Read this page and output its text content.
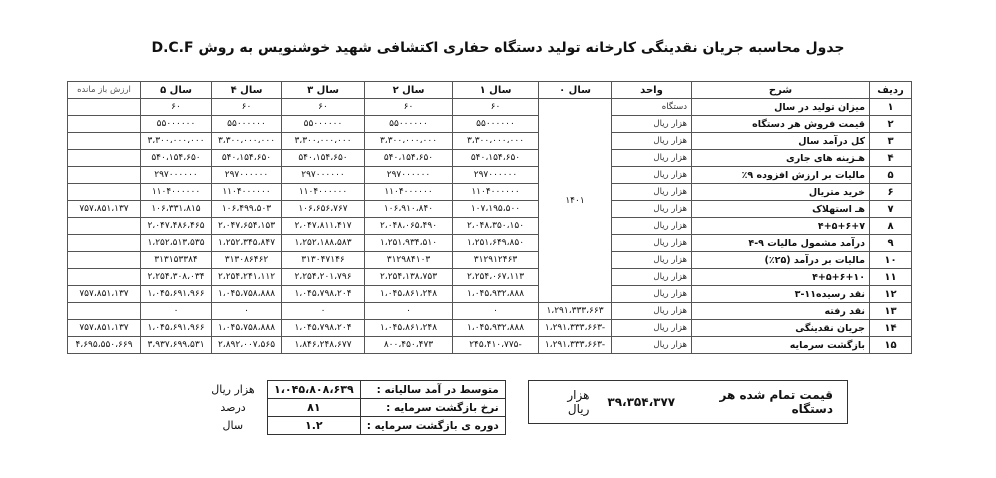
جدول محاسبه جریان نقدینگی کارخانه تولید دستگاه حفاری اکتشافی شهید خوشنویس به روش D.C.F
ردیف	شرح	واحد	سال ۰	سال ۱	سال ۲	سال ۳	سال ۴	سال ۵	ارزش باز مانده
۱	میزان تولید در سال	دستگاه	۱۴۰۱	۶۰	۶۰	۶۰	۶۰	۶۰	
۲	قیمت فروش هر دستگاه	هزار ریال		۵۵۰۰۰۰۰۰	۵۵۰۰۰۰۰۰	۵۵۰۰۰۰۰۰	۵۵۰۰۰۰۰۰	۵۵۰۰۰۰۰۰	
۳	کل درآمد سال	هزار ریال		۳،۳۰۰،۰۰۰،۰۰۰	۳،۳۰۰،۰۰۰،۰۰۰	۳،۳۰۰،۰۰۰،۰۰۰	۳،۳۰۰،۰۰۰،۰۰۰	۳،۳۰۰،۰۰۰،۰۰۰	
۴	هـزینه های جاری	هزار ریال		۵۴۰،۱۵۴،۶۵۰	۵۴۰،۱۵۴،۶۵۰	۵۴۰،۱۵۴،۶۵۰	۵۴۰،۱۵۴،۶۵۰	۵۴۰،۱۵۴،۶۵۰	
۵	مالیات بر ارزش افزوده ۹٪	هزار ریال		۲۹۷۰۰۰۰۰۰	۲۹۷۰۰۰۰۰۰	۲۹۷۰۰۰۰۰۰	۲۹۷۰۰۰۰۰۰	۲۹۷۰۰۰۰۰۰	
۶	خرید متریال	هزار ریال		۱۱۰۴۰۰۰۰۰۰	۱۱۰۴۰۰۰۰۰۰	۱۱۰۴۰۰۰۰۰۰	۱۱۰۴۰۰۰۰۰۰	۱۱۰۴۰۰۰۰۰۰	
۷	هـ استهلاک	هزار ریال		۱۰۷،۱۹۵،۵۰۰	۱۰۶،۹۱۰،۸۴۰	۱۰۶،۶۵۶،۷۶۷	۱۰۶،۴۹۹،۵۰۳	۱۰۶،۳۳۱،۸۱۵	۷۵۷،۸۵۱،۱۳۷
۸	۴+۵+۶+۷	هزار ریال		۲،۰۴۸،۳۵۰،۱۵۰	۲،۰۴۸،۰۶۵،۴۹۰	۲،۰۴۷،۸۱۱،۴۱۷	۲،۰۴۷،۶۵۴،۱۵۳	۲،۰۴۷،۴۸۶،۴۶۵	
۹	درآمد مشمول مالیات ۹-۴	هزار ریال		۱،۲۵۱،۶۴۹،۸۵۰	۱،۲۵۱،۹۳۴،۵۱۰	۱،۲۵۲،۱۸۸،۵۸۳	۱،۲۵۲،۳۴۵،۸۴۷	۱،۲۵۲،۵۱۳،۵۳۵	
۱۰	مالیات بر درآمد (۲۵٪)	هزار ریال		۳۱۲۹۱۲۴۶۳	۳۱۲۹۸۴۱۰۳	۳۱۳۰۴۷۱۴۶	۳۱۳۰۸۶۴۶۲	۳۱۳۱۵۳۳۸۴	
۱۱	۴+۵+۶+۱۰	هزار ریال		۲،۲۵۴،۰۶۷،۱۱۳	۲،۲۵۴،۱۳۸،۷۵۳	۲،۲۵۴،۲۰۱،۷۹۶	۲،۲۵۴،۲۴۱،۱۱۲	۲،۲۵۴،۳۰۸،۰۳۴	
۱۲	نقد رسیده۱۱-۳	هزار ریال		۱،۰۴۵،۹۳۲،۸۸۸	۱،۰۴۵،۸۶۱،۲۴۸	۱،۰۴۵،۷۹۸،۲۰۴	۱،۰۴۵،۷۵۸،۸۸۸	۱،۰۴۵،۶۹۱،۹۶۶	۷۵۷،۸۵۱،۱۳۷
۱۳	نقد رفته	هزار ریال	۱،۲۹۱،۳۳۳،۶۶۳	۰	۰	۰	۰	۰	
۱۴	جریان نقدینگی	هزار ریال	-۱،۲۹۱،۳۳۳،۶۶۳	۱،۰۴۵،۹۳۲،۸۸۸	۱،۰۴۵،۸۶۱،۲۴۸	۱،۰۴۵،۷۹۸،۲۰۴	۱،۰۴۵،۷۵۸،۸۸۸	۱،۰۴۵،۶۹۱،۹۶۶	۷۵۷،۸۵۱،۱۳۷
۱۵	بازگشت سرمایه	هزار ریال	-۱،۲۹۱،۳۳۳،۶۶۳	-۲۴۵،۴۱۰،۷۷۵	۸۰۰،۴۵۰،۴۷۳	۱،۸۴۶،۲۴۸،۶۷۷	۲،۸۹۲،۰۰۷،۵۶۵	۳،۹۳۷،۶۹۹،۵۳۱	۴،۶۹۵،۵۵۰،۶۶۹
متوسط در آمد سالیانه :	۱،۰۴۵،۸۰۸،۶۳۹	هزار ریال
نرخ بازگشت سرمایه :	۸۱	درصد
دوره ی بازگشت سرمایه :	۱.۲	سال
قیمت تمام شده هر دستگاه
۳۹،۳۵۴،۳۷۷
هزار ریال
